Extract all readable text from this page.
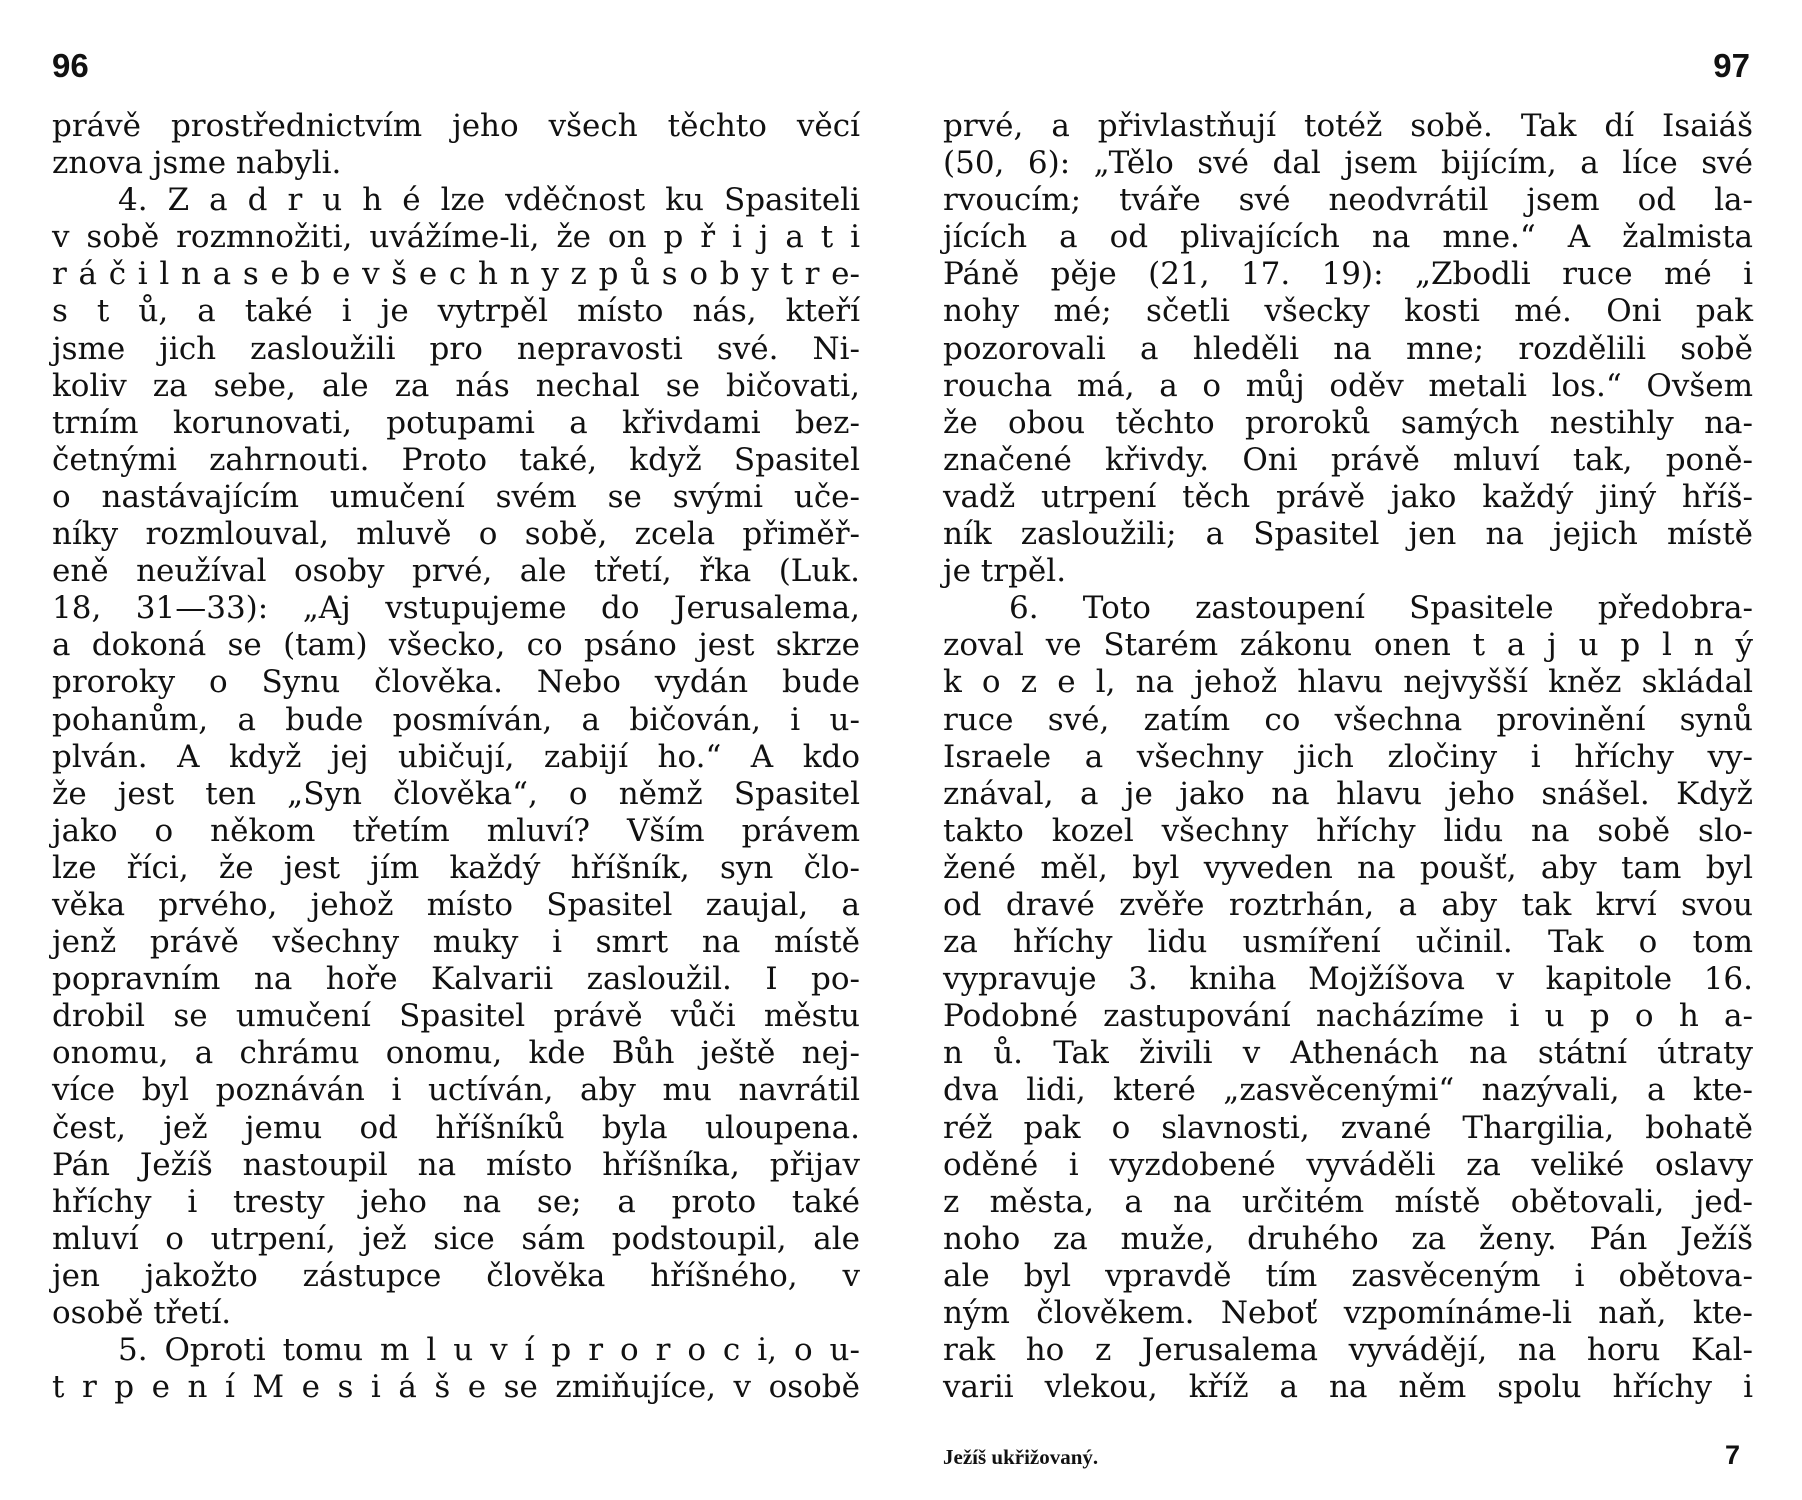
96
právě prostřednictvím jeho všech těchto věcí
znova jsme nabyli.
4. Z a d r u h é lze vděčnost ku Spasiteli
v sobě rozmnožiti, uvážíme-li, že on p ř i j a t i
r á č i l n a s e b e v š e c h n y z p ů s o b y t r e-
s t ů, a také i je vytrpěl místo nás, kteří
jsme jich zasloužili pro nepravosti své. Ni-
koliv za sebe, ale za nás nechal se bičovati,
trním korunovati, potupami a křivdami bez-
četnými zahrnouti. Proto také, když Spasitel
o nastávajícím umučení svém se svými uče-
níky rozmlouval, mluvě o sobě, zcela přiměř-
eně neužíval osoby prvé, ale třetí, řka (Luk.
18, 31—33): „Aj vstupujeme do Jerusalema,
a dokoná se (tam) všecko, co psáno jest skrze
proroky o Synu člověka. Nebo vydán bude
pohanům, a bude posmíván, a bičován, i u-
plván. A když jej ubičují, zabijí ho.“ A kdo
že jest ten „Syn člověka“, o němž Spasitel
jako o někom třetím mluví? Vším právem
lze říci, že jest jím každý hříšník, syn člo-
věka prvého, jehož místo Spasitel zaujal, a
jenž právě všechny muky i smrt na místě
popravním na hoře Kalvarii zasloužil. I po-
drobil se umučení Spasitel právě vůči městu
onomu, a chrámu onomu, kde Bůh ještě nej-
více byl poznáván i uctíván, aby mu navrátil
čest, jež jemu od hříšníků byla uloupena.
Pán Ježíš nastoupil na místo hříšníka, přijav
hříchy i tresty jeho na se; a proto také
mluví o utrpení, jež sice sám podstoupil, ale
jen jakožto zástupce člověka hříšného, v
osobě třetí.
5. Oproti tomu m l u v í p r o r o c i, o u-
t r p e n í M e s i á š e se zmiňujíce, v osobě
97
prvé, a přivlastňují totéž sobě. Tak dí Isaiáš
(50, 6): „Tělo své dal jsem bijícím, a líce své
rvoucím; tváře své neodvrátil jsem od la-
jících a od plivajících na mne.“ A žalmista
Páně pěje (21, 17. 19): „Zbodli ruce mé i
nohy mé; sčetli všecky kosti mé. Oni pak
pozorovali a hleděli na mne; rozdělili sobě
roucha má, a o můj oděv metali los.“ Ovšem
že obou těchto proroků samých nestihly na-
značené křivdy. Oni právě mluví tak, poně-
vadž utrpení těch právě jako každý jiný hříš-
ník zasloužili; a Spasitel jen na jejich místě
je trpěl.
6. Toto zastoupení Spasitele předobra-
zoval ve Starém zákonu onen t a j u p l n ý
k o z e l, na jehož hlavu nejvyšší kněz skládal
ruce své, zatím co všechna provinění synů
Israele a všechny jich zločiny i hříchy vy-
znával, a je jako na hlavu jeho snášel. Když
takto kozel všechny hříchy lidu na sobě slo-
žené měl, byl vyveden na poušť, aby tam byl
od dravé zvěře roztrhán, a aby tak krví svou
za hříchy lidu usmíření učinil. Tak o tom
vypravuje 3. kniha Mojžíšova v kapitole 16.
Podobné zastupování nacházíme i u p o h a-
n ů. Tak živili v Athenách na státní útraty
dva lidi, které „zasvěcenými“ nazývali, a kte-
réž pak o slavnosti, zvané Thargilia, bohatě
oděné i vyzdobené vyváděli za veliké oslavy
z města, a na určitém místě obětovali, jed-
noho za muže, druhého za ženy. Pán Ježíš
ale byl vpravdě tím zasvěceným i obětova-
ným člověkem. Neboť vzpomínáme-li naň, kte-
rak ho z Jerusalema vyvádějí, na horu Kal-
varii vlekou, kříž a na něm spolu hříchy i
Ježíš ukřižovaný.	7
